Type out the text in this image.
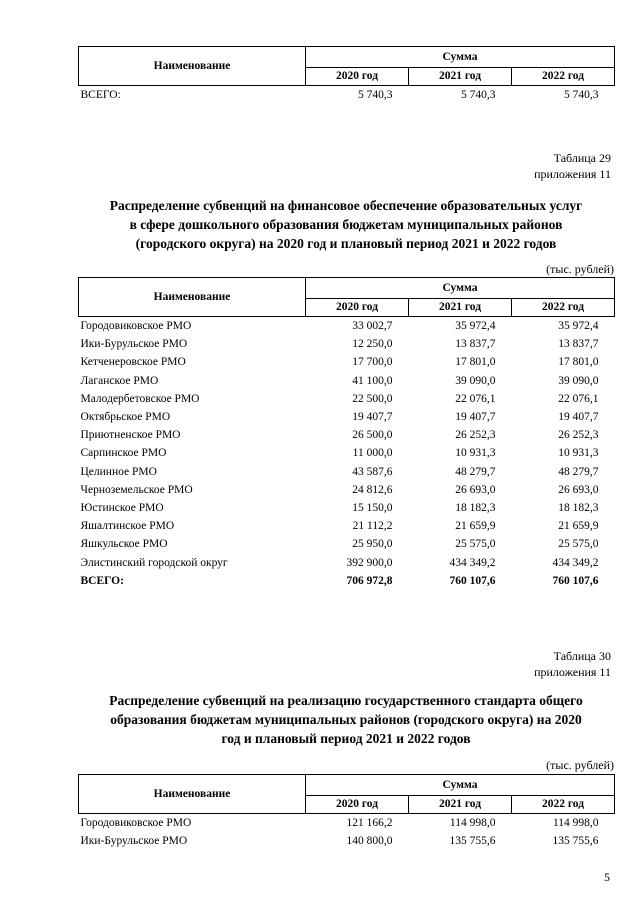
Наименование	Сумма		
	2020 год	2021 год	2022 год
ВСЕГО:	5 740,3	5 740,3	5 740,3
Таблица 29
приложения 11
Распределение субвенций на финансовое обеспечение образовательных услуг
в сфере дошкольного образования бюджетам муниципальных районов
(городского округа) на 2020 год и плановый период 2021 и 2022 годов
(тыс. рублей)
Наименование	Сумма		
	2020 год	2021 год	2022 год
Городовиковское РМО	33 002,7	35 972,4	35 972,4
Ики-Бурульское РМО	12 250,0	13 837,7	13 837,7
Кетченеровское РМО	17 700,0	17 801,0	17 801,0
Лаганское РМО	41 100,0	39 090,0	39 090,0
Малодербетовское РМО	22 500,0	22 076,1	22 076,1
Октябрьское РМО	19 407,7	19 407,7	19 407,7
Приютненское РМО	26 500,0	26 252,3	26 252,3
Сарпинское РМО	11 000,0	10 931,3	10 931,3
Целинное РМО	43 587,6	48 279,7	48 279,7
Черноземельское РМО	24 812,6	26 693,0	26 693,0
Юстинское РМО	15 150,0	18 182,3	18 182,3
Яшалтинское РМО	21 112,2	21 659,9	21 659,9
Яшкульское РМО	25 950,0	25 575,0	25 575,0
Элистинский городской округ	392 900,0	434 349,2	434 349,2
ВСЕГО:	706 972,8	760 107,6	760 107,6
Таблица 30
приложения 11
Распределение субвенций на реализацию государственного стандарта общего
образования бюджетам муниципальных районов (городского округа) на 2020
год и плановый период 2021 и 2022 годов
(тыс. рублей)
Наименование	Сумма		
	2020 год	2021 год	2022 год
Городовиковское РМО	121 166,2	114 998,0	114 998,0
Ики-Бурульское РМО	140 800,0	135 755,6	135 755,6
5
